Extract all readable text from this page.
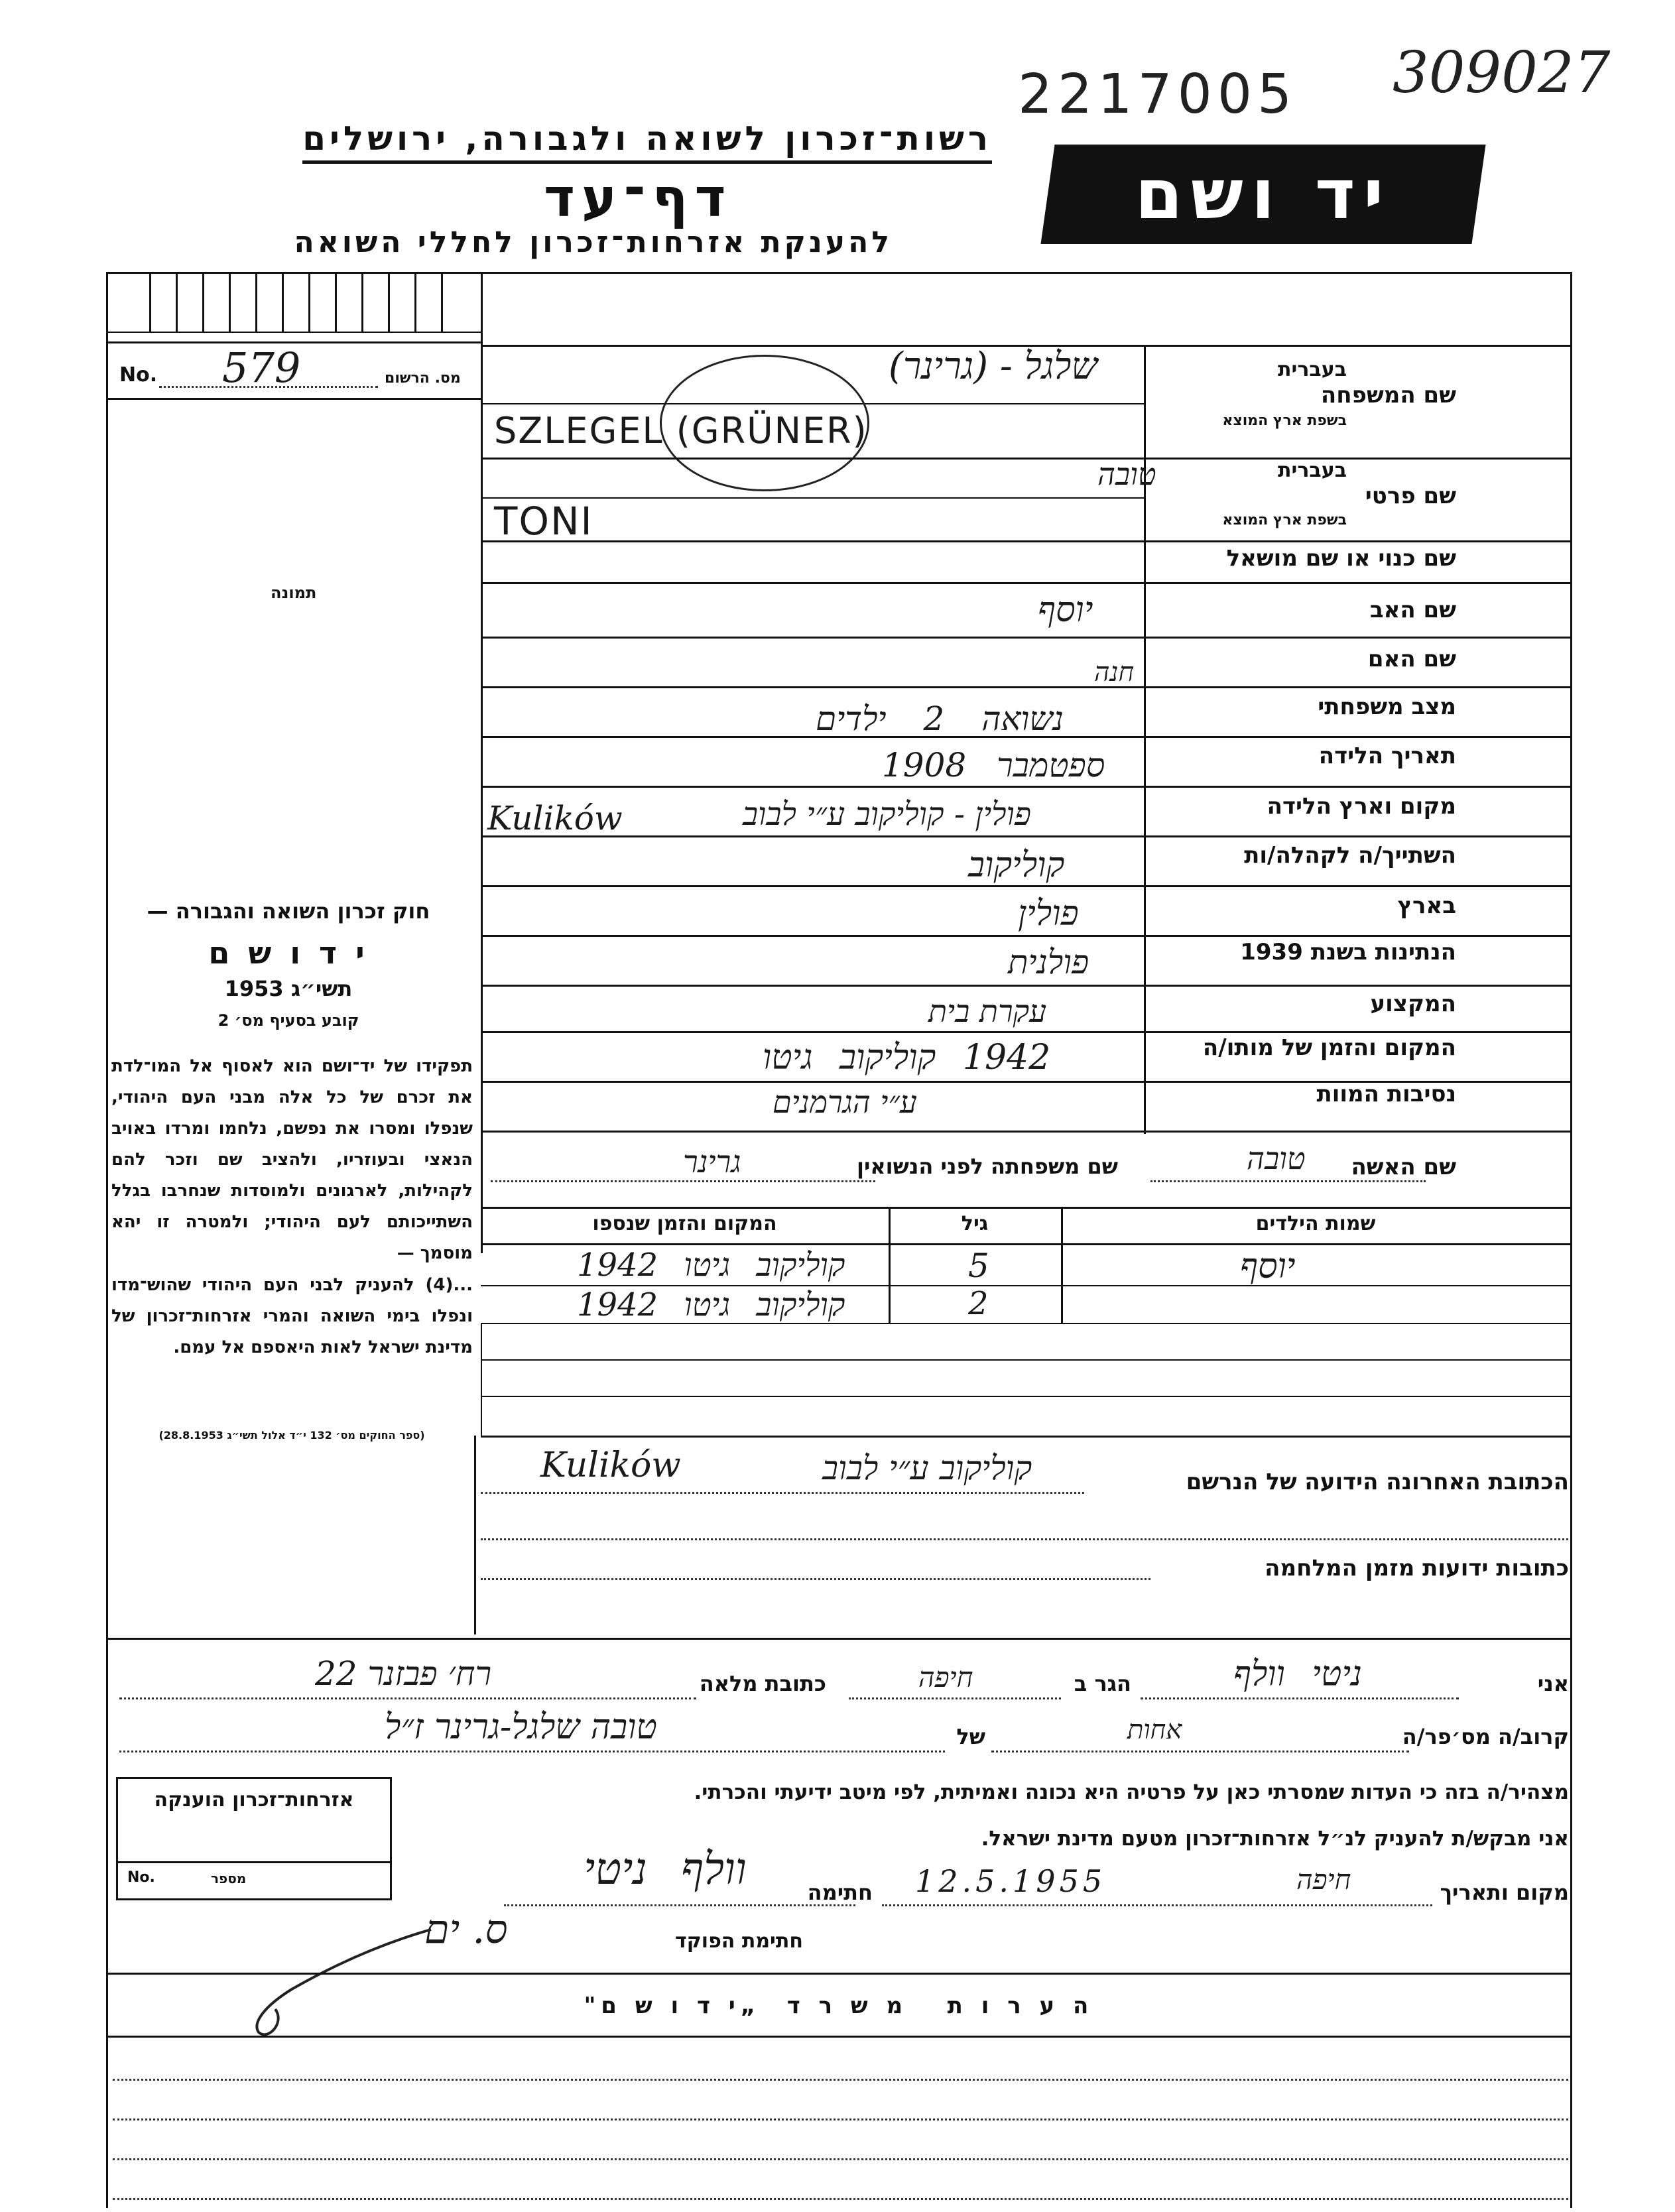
2217005 309027
רשות־זכרון לשואה ולגבורה, ירושלים
דף־עד
להענקת אזרחות־זכרון לחללי השואה
יד ושם
No. 579	מס. הרשום
תמונה
חוק זכרון השואה והגבורה —
י ד ו ש ם
תשי״ג 1953
קובע בסעיף מס׳ 2
תפקידו של יד־ושם הוא לאסוף אל המו־לדת את זכרם של כל אלה מבני העם היהודי, שנפלו ומסרו את נפשם, נלחמו ומרדו באויב הנאצי ובעוזריו, ולהציב שם וזכר להם לקהילות, לארגונים ולמוסדות שנחרבו בגלל השתייכותם לעם היהודי; ולמטרה זו יהא מוסמך —
...(4) להעניק לבני העם היהודי שהוש־מדו ונפלו בימי השואה והמרי אזרחות־זכרון של מדינת ישראל לאות היאספם אל עמם.
(ספר החוקים מס׳ 132 י״ד אלול תשי״ג 28.8.1953)
שם המשפחה
בעברית
בשפת ארץ המוצא
שלגל - (גרינר)
SZLEGEL (GRÜNER)
שם פרטי
בעברית
בשפת ארץ המוצא
טובה
TONI
שם כנוי או שם מושאל
שם האב
יוסף
שם האם
חנה
מצב משפחתי
נשואה 2 ילדים
תאריך הלידה
ספטמבר 1908
מקום וארץ הלידה
פולין - קוליקוב ע״י לבוב
Kulików
השתייך/ה לקהלה/ות
קוליקוב
בארץ
פולין
הנתינות בשנת 1939
פולנית
המקצוע
עקרת בית
המקום והזמן של מותו/ה
1942 קוליקוב גיטו
נסיבות המוות
ע״י הגרמנים
שם האשה
טובה
שם משפחתה לפני הנשואין
גרינר
שמות הילדים
גיל
המקום והזמן שנספו
יוסף
5
קוליקוב גיטו 1942
2
קוליקוב גיטו 1942
הכתובת האחרונה הידועה של הנרשם
קוליקוב ע״י לבוב
Kulików
כתובות ידועות מזמן המלחמה
אני
ניטי וולף
הגר ב
חיפה
כתובת מלאה
רח׳ פבזנר 22
קרוב/ה מס׳פר/ה
אחות
של
טובה שלגל-גרינר ז״ל
מצהיר/ה בזה כי העדות שמסרתי כאן על פרטיה היא נכונה ואמיתית, לפי מיטב ידיעתי והכרתי.
אני מבקש/ת להעניק לנ״ל אזרחות־זכרון מטעם מדינת ישראל.
מקום ותאריך
חיפה
12.5.1955
חתימה
וולף ניטי
אזרחות־זכרון הוענקה
No.	מספר
חתימת הפוקד
ס. ים
ה ע ר ו ת   מ ש ר ד  „י ד ו ש ם"
